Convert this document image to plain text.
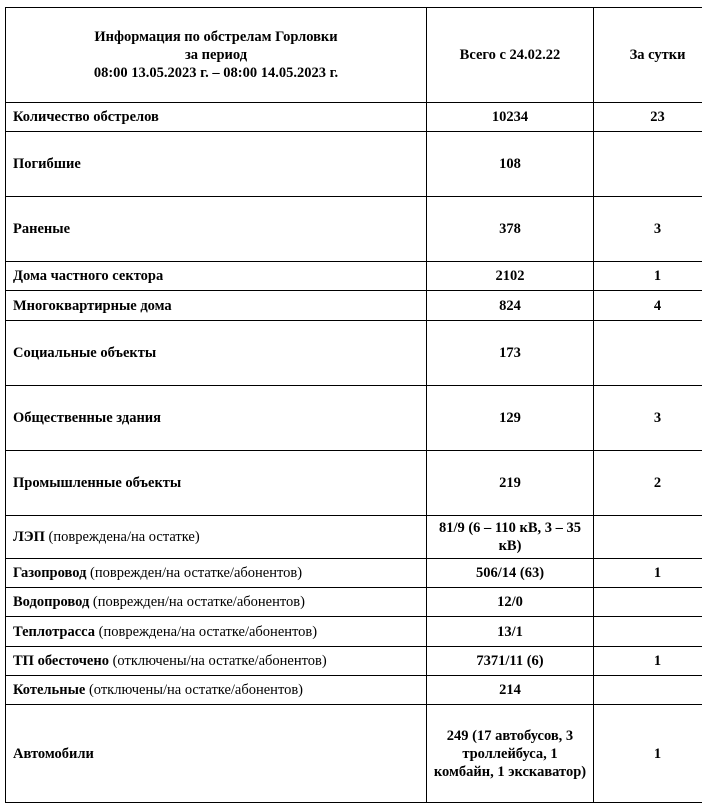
Информация по обстрелам Горловки
за период
08:00 13.05.2023 г. – 08:00 14.05.2023 г.	Всего с 24.02.22	За сутки
Количество обстрелов	10234	23
Погибшие	108	
Раненые	378	3
Дома частного сектора	2102	1
Многоквартирные дома	824	4
Социальные объекты	173	
Общественные здания	129	3
Промышленные объекты	219	2
ЛЭП (повреждена/на остатке)	81/9 (6 – 110 кВ, 3 – 35 кВ)	
Газопровод (поврежден/на остатке/абонентов)	506/14 (63)	1
Водопровод (поврежден/на остатке/абонентов)	12/0	
Теплотрасса (повреждена/на остатке/абонентов)	13/1	
ТП обесточено (отключены/на остатке/абонентов)	7371/11 (6)	1
Котельные (отключены/на остатке/абонентов)	214	
Автомобили	249 (17 автобусов, 3 троллейбуса, 1 комбайн, 1 экскаватор)	1
